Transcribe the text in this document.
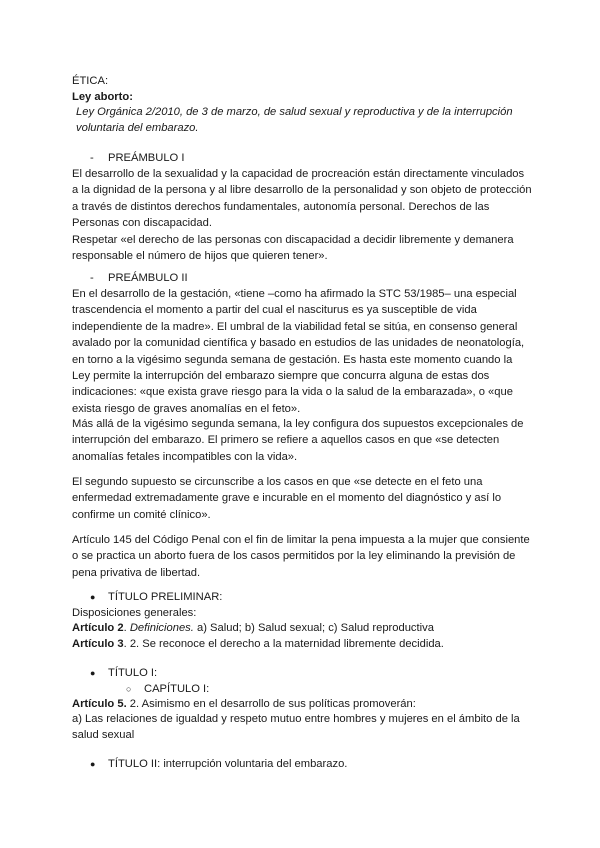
ÉTICA:

Ley aborto:

Ley Orgánica 2/2010, de 3 de marzo, de salud sexual y reproductiva y de la interrupción

voluntaria del embarazo.

- PREÁMBULO I

El desarrollo de la sexualidad y la capacidad de procreación están directamente vinculados a la dignidad de la persona y al libre desarrollo de la personalidad y son objeto de protección a través de distintos derechos fundamentales, autonomía personal. Derechos de las Personas con discapacidad.

Respetar «el derecho de las personas con discapacidad a decidir libremente y demanera responsable el número de hijos que quieren tener».

- PREÁMBULO II

En el desarrollo de la gestación, «tiene –como ha afirmado la STC 53/1985– una especial trascendencia el momento a partir del cual el nasciturus es ya susceptible de vida independiente de la madre». El umbral de la viabilidad fetal se sitúa, en consenso general avalado por la comunidad científica y basado en estudios de las unidades de neonatología, en torno a la vigésimo segunda semana de gestación. Es hasta este momento cuando la Ley permite la interrupción del embarazo siempre que concurra alguna de estas dos indicaciones: «que exista grave riesgo para la vida o la salud de la embarazada», o «que exista riesgo de graves anomalías en el feto».

Más allá de la vigésimo segunda semana, la ley configura dos supuestos excepcionales de interrupción del embarazo. El primero se refiere a aquellos casos en que «se detecten anomalías fetales incompatibles con la vida».

El segundo supuesto se circunscribe a los casos en que «se detecte en el feto una enfermedad extremadamente grave e incurable en el momento del diagnóstico y así lo confirme un comité clínico».

Artículo 145 del Código Penal con el fin de limitar la pena impuesta a la mujer que consiente o se practica un aborto fuera de los casos permitidos por la ley eliminando la previsión de pena privativa de libertad.

● TÍTULO PRELIMINAR:

Disposiciones generales:

Artículo 2. Definiciones. a) Salud; b) Salud sexual; c) Salud reproductiva

Artículo 3. 2. Se reconoce el derecho a la maternidad libremente decidida.

● TÍTULO I:

○ CAPÍTULO I:

Artículo 5. 2. Asimismo en el desarrollo de sus políticas promoverán:

a) Las relaciones de igualdad y respeto mutuo entre hombres y mujeres en el ámbito de la salud sexual

● TÍTULO II: interrupción voluntaria del embarazo.
